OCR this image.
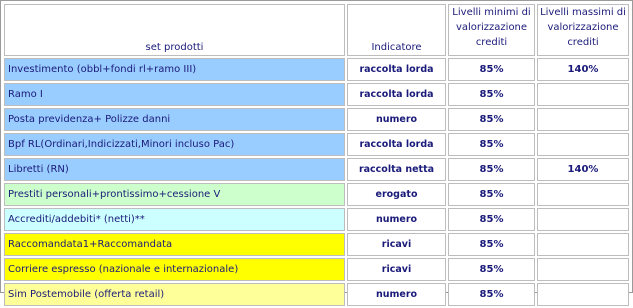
set prodotti	Indicatore	Livelli minimi di valorizzazione crediti	Livelli massimi di valorizzazione crediti
Investimento (obbl+fondi rl+ramo III)	raccolta lorda	85%	140%
Ramo I	raccolta lorda	85%	
Posta previdenza+ Polizze danni	numero	85%	
Bpf RL(Ordinari,Indicizzati,Minori incluso Pac)	raccolta lorda	85%	
Libretti (RN)	raccolta netta	85%	140%
Prestiti personali+prontissimo+cessione V	erogato	85%	
Accrediti/addebiti* (netti)**	numero	85%	
Raccomandata1+Raccomandata	ricavi	85%	
Corriere espresso (nazionale e internazionale)	ricavi	85%	
Sim Postemobile (offerta retail)	numero	85%	
